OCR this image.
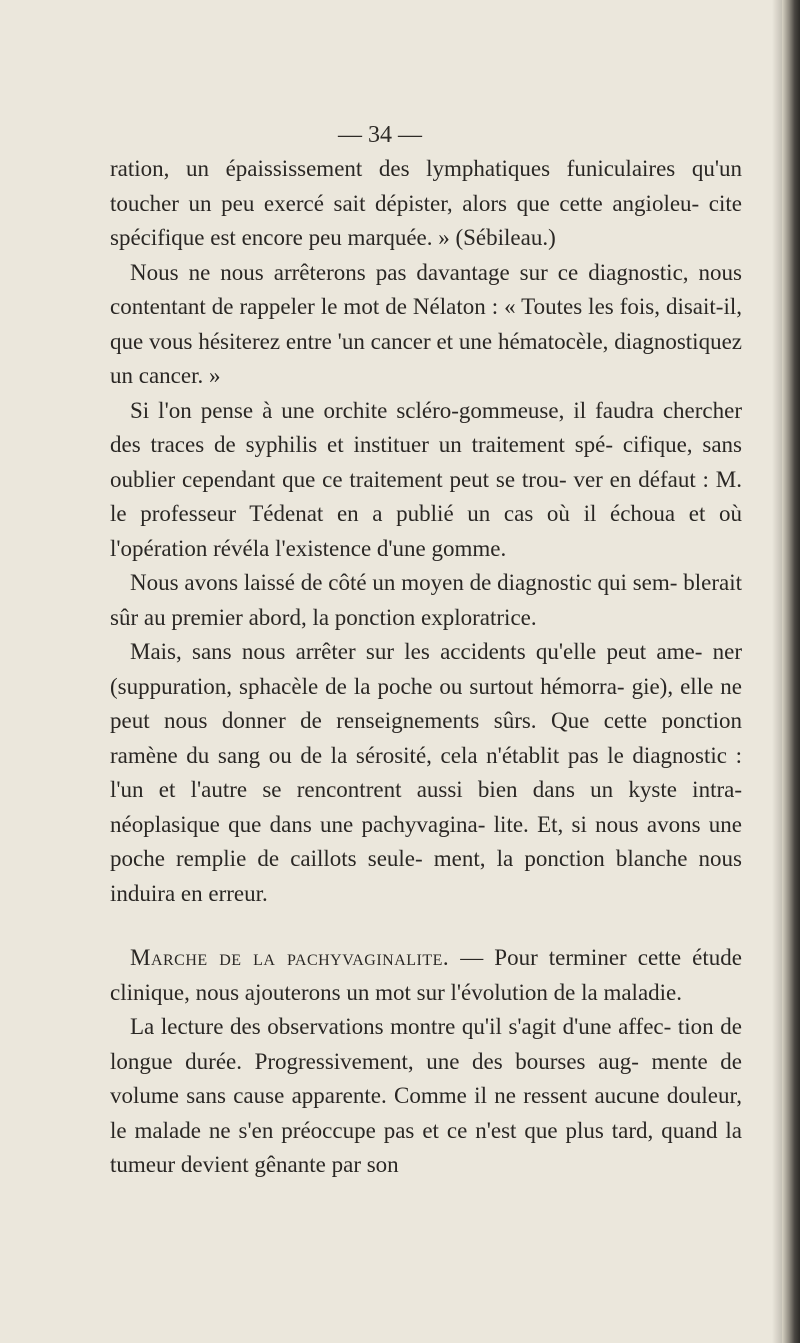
— 34 —

ration, un épaississement des lymphatiques funiculaires qu'un toucher un peu exercé sait dépister, alors que cette angioleu- cite spécifique est encore peu marquée. » (Sébileau.)

Nous ne nous arrêterons pas davantage sur ce diagnostic, nous contentant de rappeler le mot de Nélaton : « Toutes les fois, disait-il, que vous hésiterez entre 'un cancer et une hématocèle, diagnostiquez un cancer. »

Si l'on pense à une orchite scléro-gommeuse, il faudra chercher des traces de syphilis et instituer un traitement spé- cifique, sans oublier cependant que ce traitement peut se trou- ver en défaut : M. le professeur Tédenat en a publié un cas où il échoua et où l'opération révéla l'existence d'une gomme.

Nous avons laissé de côté un moyen de diagnostic qui sem- blerait sûr au premier abord, la ponction exploratrice.

Mais, sans nous arrêter sur les accidents qu'elle peut ame- ner (suppuration, sphacèle de la poche ou surtout hémorra- gie), elle ne peut nous donner de renseignements sûrs. Que cette ponction ramène du sang ou de la sérosité, cela n'établit pas le diagnostic : l'un et l'autre se rencontrent aussi bien dans un kyste intra-néoplasique que dans une pachyvagina- lite. Et, si nous avons une poche remplie de caillots seule- ment, la ponction blanche nous induira en erreur.

Marche de la pachyvaginalite. — Pour terminer cette étude clinique, nous ajouterons un mot sur l'évolution de la maladie.

La lecture des observations montre qu'il s'agit d'une affec- tion de longue durée. Progressivement, une des bourses aug- mente de volume sans cause apparente. Comme il ne ressent aucune douleur, le malade ne s'en préoccupe pas et ce n'est que plus tard, quand la tumeur devient gênante par son
